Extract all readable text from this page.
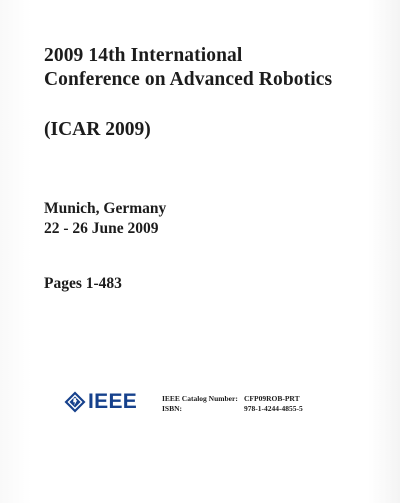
2009 14th International
Conference on Advanced Robotics
(ICAR 2009)
Munich, Germany
22 - 26 June 2009
Pages 1-483
IEEE	IEEE Catalog Number: CFP09ROB-PRT
ISBN:	978-1-4244-4855-5
